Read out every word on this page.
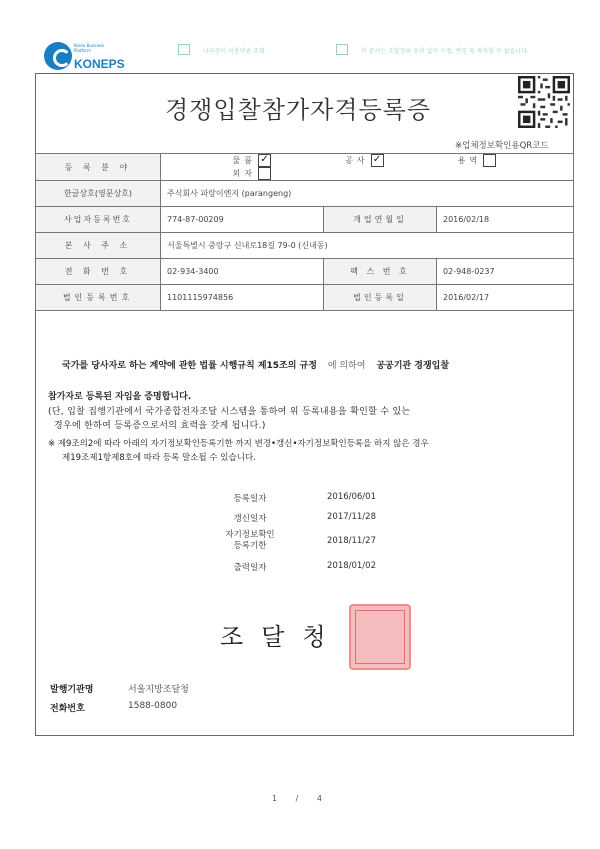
Korea Business Platform
KONEPS
나라장터 이용약관 조회	이 문서는 조달청의 동의 없이 수정, 변경 및 복사할 수 없습니다.
경쟁입찰참가자격등록증
※업체정보확인용QR코드
등 록 분 야	물품 ✓ 공사 ✓ 용역 외자		
한글상호(영문상호)	주식회사 파랑이엔지 (parangeng)		
사업자등록번호	774-87-00209	개업연월일	2016/02/18
본 사 주 소	서울특별시 중랑구 신내로18길 79-0 (신내동)		
전 화 번 호	02-934-3400	팩 스 번 호	02-948-0237
법인등록번호	1101115974856	법인등록일	2016/02/17
국가를 당사자로 하는 계약에 관한 법률 시행규칙 제15조의 규정 에 의하여 공공기관 경쟁입찰
참가자로 등록된 자임을 증명합니다.
(단, 입찰 집행기관에서 국가종합전자조달 시스템을 통하여 위 등록내용을 확인할 수 있는
경우에 한하여 등록증으로서의 효력을 갖게 됩니다.)
※ 제9조의2에 따라 아래의 자기정보확인등록기한 까지 변경•갱신•자기정보확인등록을 하지 않은 경우
제19조제1항제8호에 따라 등록 말소될 수 있습니다.
등록일자	2016/06/01
갱신일자	2017/11/28
자기정보확인
등록기한	2018/11/27
출력일자	2018/01/02
조달청
발행기관명	서울지방조달청
전화번호	1588-0800
1 / 4
